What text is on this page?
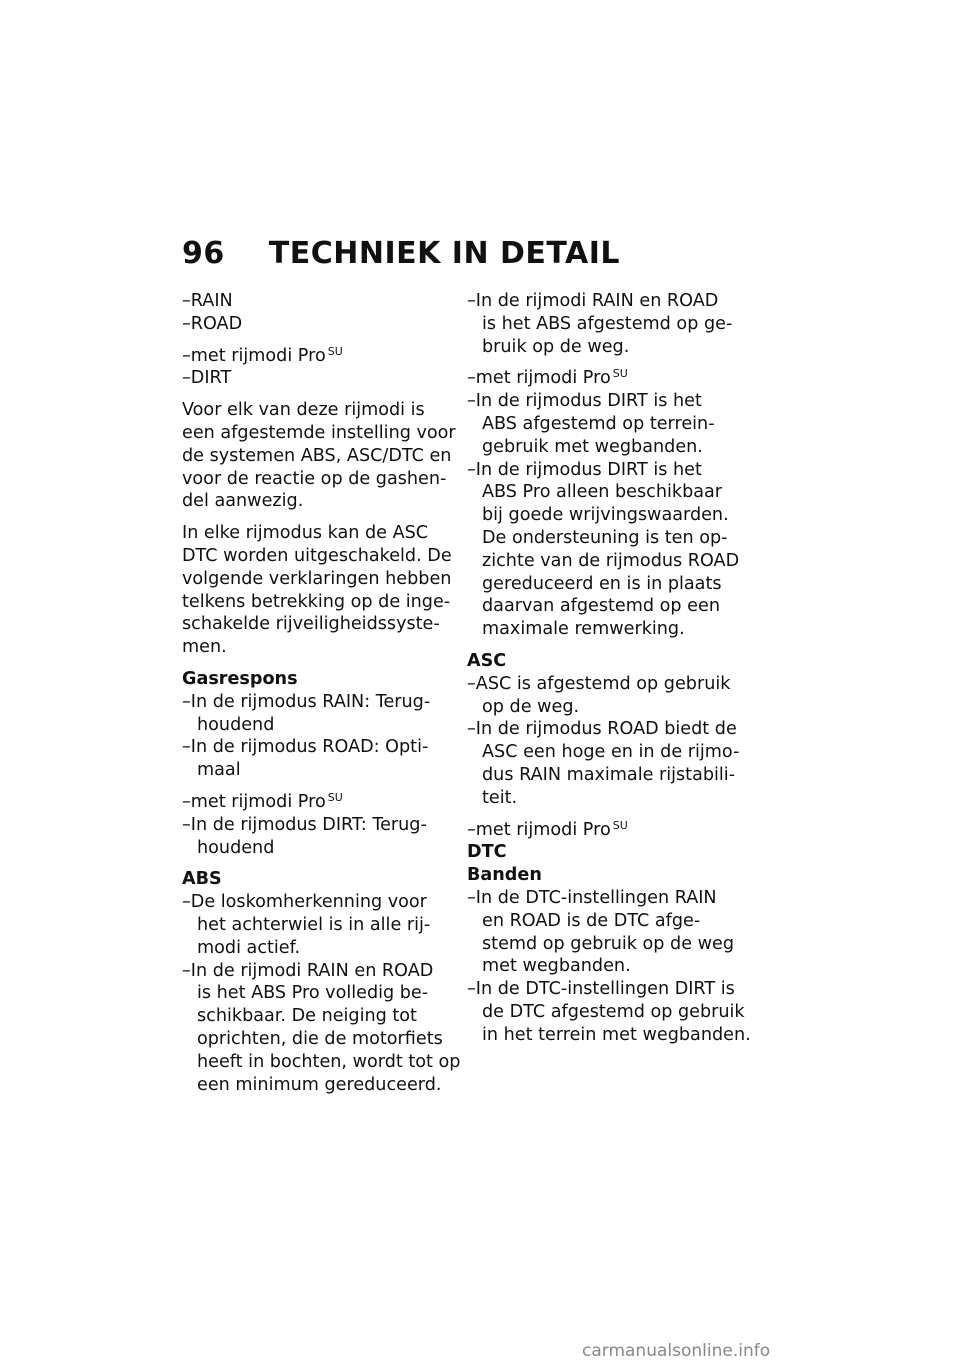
96 TECHNIEK IN DETAIL
–RAIN
–ROAD
–met rijmodi Pro $^{SU}$
–DIRT
Voor elk van deze rijmodi is
een afgestemde instelling voor
de systemen ABS, ASC/DTC en
voor de reactie op de gashen-
del aanwezig.
In elke rijmodus kan de ASC
DTC worden uitgeschakeld. De
volgende verklaringen hebben
telkens betrekking op de inge-
schakelde rijveiligheidssyste-
men.
Gasrespons
–In de rijmodus RAIN: Terug-
houdend
–In de rijmodus ROAD: Opti-
maal
–met rijmodi Pro $^{SU}$
–In de rijmodus DIRT: Terug-
houdend
ABS
–De loskomherkenning voor
het achterwiel is in alle rij-
modi actief.
–In de rijmodi RAIN en ROAD
is het ABS Pro volledig be-
schikbaar. De neiging tot
oprichten, die de motorfiets
heeft in bochten, wordt tot op
een minimum gereduceerd.
–In de rijmodi RAIN en ROAD
is het ABS afgestemd op ge-
bruik op de weg.
–met rijmodi Pro $^{SU}$
–In de rijmodus DIRT is het
ABS afgestemd op terrein-
gebruik met wegbanden.
–In de rijmodus DIRT is het
ABS Pro alleen beschikbaar
bij goede wrijvingswaarden.
De ondersteuning is ten op-
zichte van de rijmodus ROAD
gereduceerd en is in plaats
daarvan afgestemd op een
maximale remwerking.
ASC
–ASC is afgestemd op gebruik
op de weg.
–In de rijmodus ROAD biedt de
ASC een hoge en in de rijmo-
dus RAIN maximale rijstabili-
teit.
–met rijmodi Pro $^{SU}$
DTC
Banden
–In de DTC-instellingen RAIN
en ROAD is de DTC afge-
stemd op gebruik op de weg
met wegbanden.
–In de DTC-instellingen DIRT is
de DTC afgestemd op gebruik
in het terrein met wegbanden.
carmanualsonline.info
